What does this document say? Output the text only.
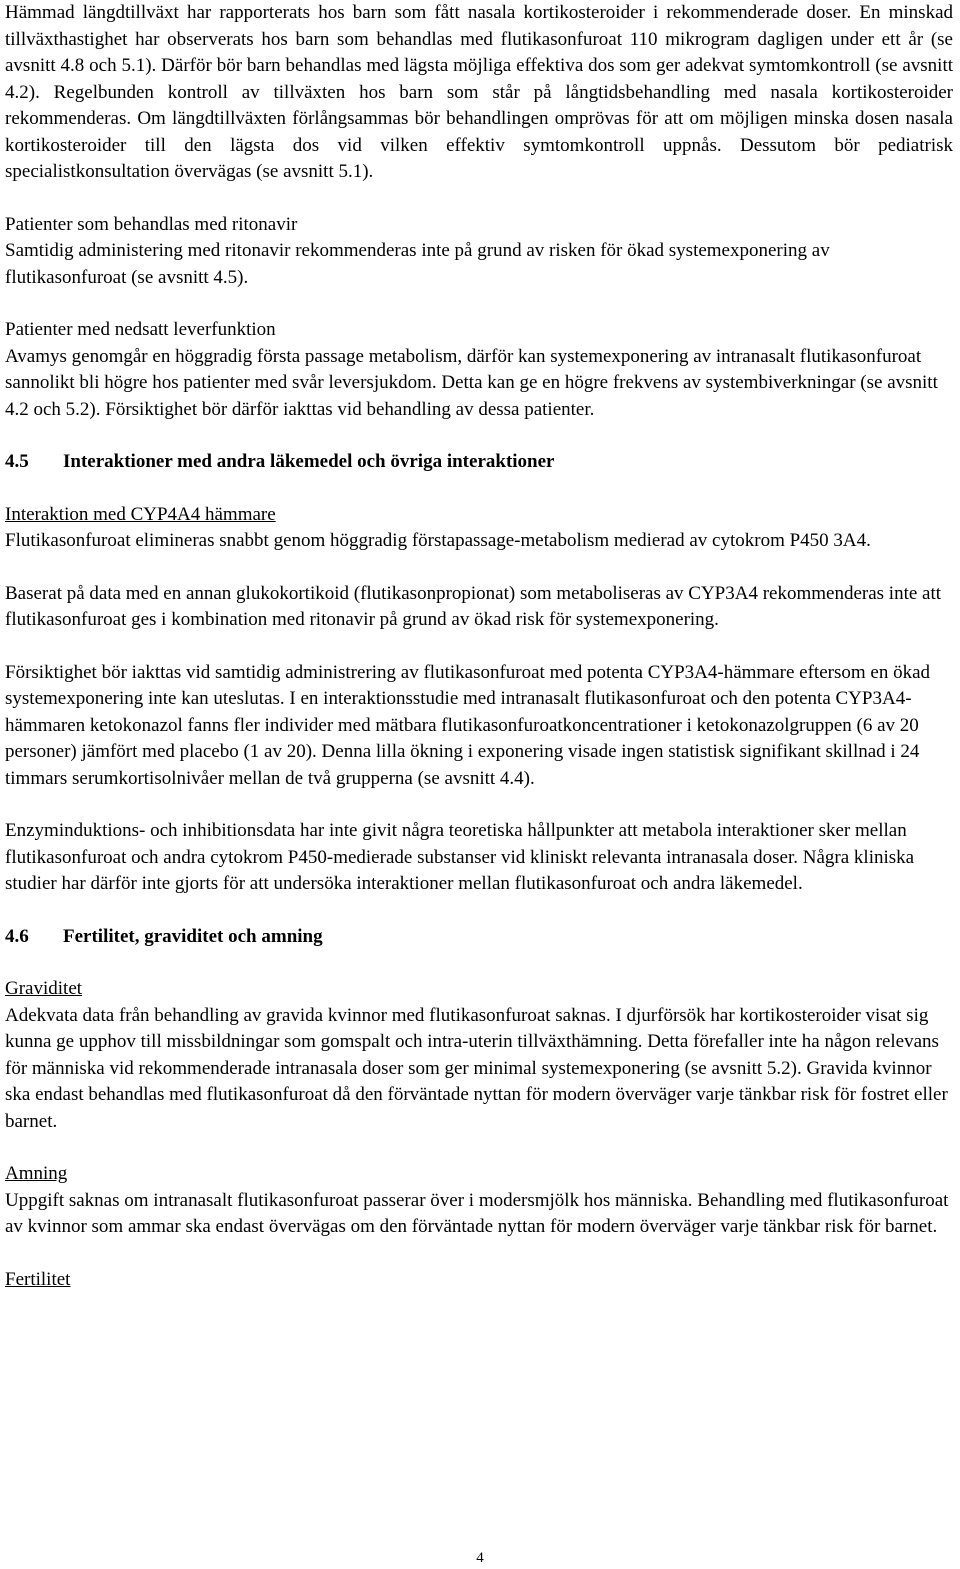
Hämmad längdtillväxt har rapporterats hos barn som fått nasala kortikosteroider i rekommenderade doser. En minskad tillväxthastighet har observerats hos barn som behandlas med flutikasonfuroat 110 mikrogram dagligen under ett år (se avsnitt 4.8 och 5.1). Därför bör barn behandlas med lägsta möjliga effektiva dos som ger adekvat symtomkontroll (se avsnitt 4.2). Regelbunden kontroll av tillväxten hos barn som står på långtidsbehandling med nasala kortikosteroider rekommenderas. Om längdtillväxten förlångsammas bör behandlingen omprövas för att om möjligen minska dosen nasala kortikosteroider till den lägsta dos vid vilken effektiv symtomkontroll uppnås. Dessutom bör pediatrisk specialistkonsultation övervägas (se avsnitt 5.1).

Patienter som behandlas med ritonavir

Samtidig administering med ritonavir rekommenderas inte på grund av risken för ökad systemexponering av flutikasonfuroat (se avsnitt 4.5).

Patienter med nedsatt leverfunktion

Avamys genomgår en höggradig första passage metabolism, därför kan systemexponering av intranasalt flutikasonfuroat sannolikt bli högre hos patienter med svår leversjukdom. Detta kan ge en högre frekvens av systembiverkningar (se avsnitt 4.2 och 5.2). Försiktighet bör därför iakttas vid behandling av dessa patienter.

4.5 Interaktioner med andra läkemedel och övriga interaktioner

Interaktion med CYP4A4 hämmare

Flutikasonfuroat elimineras snabbt genom höggradig förstapassage-metabolism medierad av cytokrom P450 3A4.

Baserat på data med en annan glukokortikoid (flutikasonpropionat) som metaboliseras av CYP3A4 rekommenderas inte att flutikasonfuroat ges i kombination med ritonavir på grund av ökad risk för systemexponering.

Försiktighet bör iakttas vid samtidig administrering av flutikasonfuroat med potenta CYP3A4-hämmare eftersom en ökad systemexponering inte kan uteslutas. I en interaktionsstudie med intranasalt flutikasonfuroat och den potenta CYP3A4-hämmaren ketokonazol fanns fler individer med mätbara flutikasonfuroatkoncentrationer i ketokonazolgruppen (6 av 20 personer) jämfört med placebo (1 av 20). Denna lilla ökning i exponering visade ingen statistisk signifikant skillnad i 24 timmars serumkortisolnivåer mellan de två grupperna (se avsnitt 4.4).

Enzyminduktions- och inhibitionsdata har inte givit några teoretiska hållpunkter att metabola interaktioner sker mellan flutikasonfuroat och andra cytokrom P450-medierade substanser vid kliniskt relevanta intranasala doser. Några kliniska studier har därför inte gjorts för att undersöka interaktioner mellan flutikasonfuroat och andra läkemedel.

4.6 Fertilitet, graviditet och amning

Graviditet

Adekvata data från behandling av gravida kvinnor med flutikasonfuroat saknas. I djurförsök har kortikosteroider visat sig kunna ge upphov till missbildningar som gomspalt och intra-uterin tillväxthämning. Detta förefaller inte ha någon relevans för människa vid rekommenderade intranasala doser som ger minimal systemexponering (se avsnitt 5.2). Gravida kvinnor ska endast behandlas med flutikasonfuroat då den förväntade nyttan för modern överväger varje tänkbar risk för fostret eller barnet.

Amning

Uppgift saknas om intranasalt flutikasonfuroat passerar över i modersmjölk hos människa. Behandling med flutikasonfuroat av kvinnor som ammar ska endast övervägas om den förväntade nyttan för modern överväger varje tänkbar risk för barnet.

Fertilitet

4
